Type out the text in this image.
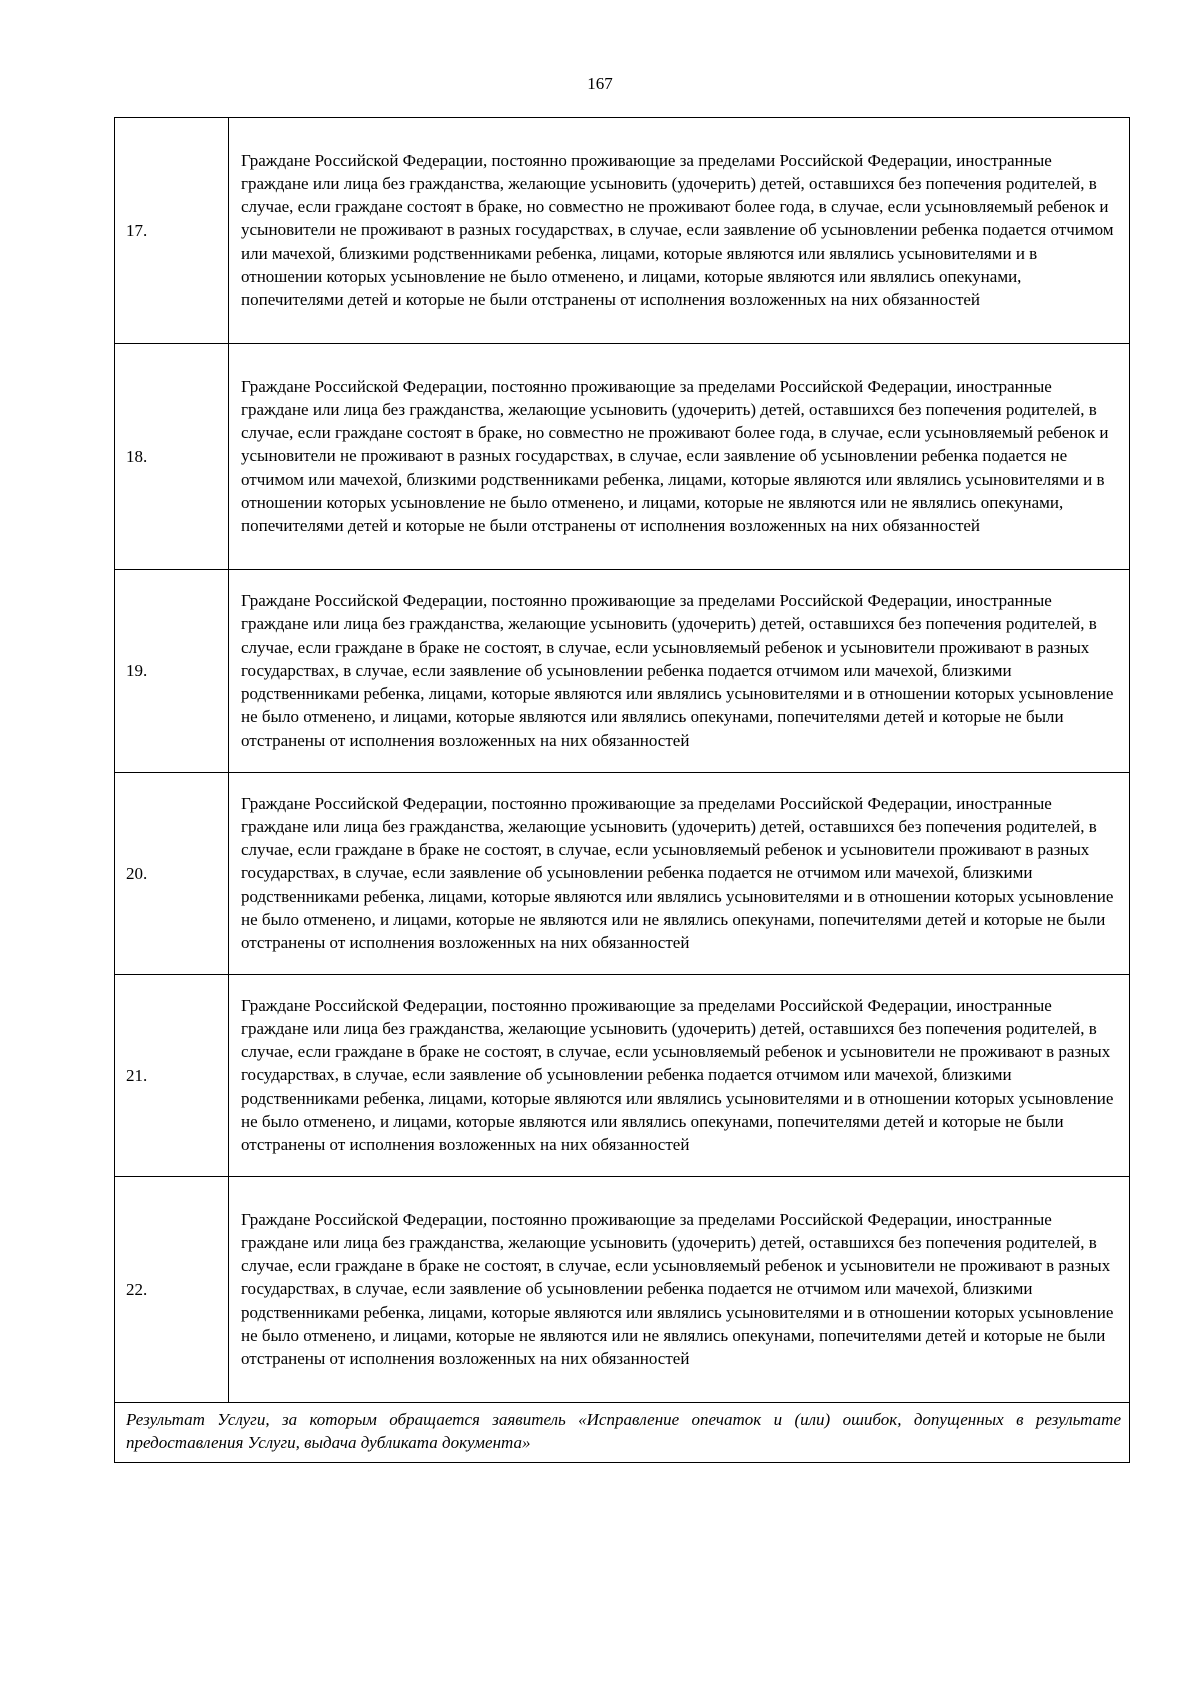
167
17.	Граждане Российской Федерации, постоянно проживающие за пределами Российской Федерации, иностранные граждане или лица без гражданства, желающие усыновить (удочерить) детей, оставшихся без попечения родителей, в случае, если граждане состоят в браке, но совместно не проживают более года, в случае, если усыновляемый ребенок и усыновители не проживают в разных государствах, в случае, если заявление об усыновлении ребенка подается отчимом или мачехой, близкими родственниками ребенка, лицами, которые являются или являлись усыновителями и в отношении которых усыновление не было отменено, и лицами, которые являются или являлись опекунами, попечителями детей и которые не были отстранены от исполнения возложенных на них обязанностей
18.	Граждане Российской Федерации, постоянно проживающие за пределами Российской Федерации, иностранные граждане или лица без гражданства, желающие усыновить (удочерить) детей, оставшихся без попечения родителей, в случае, если граждане состоят в браке, но совместно не проживают более года, в случае, если усыновляемый ребенок и усыновители не проживают в разных государствах, в случае, если заявление об усыновлении ребенка подается не отчимом или мачехой, близкими родственниками ребенка, лицами, которые являются или являлись усыновителями и в отношении которых усыновление не было отменено, и лицами, которые не являются или не являлись опекунами, попечителями детей и которые не были отстранены от исполнения возложенных на них обязанностей
19.	Граждане Российской Федерации, постоянно проживающие за пределами Российской Федерации, иностранные граждане или лица без гражданства, желающие усыновить (удочерить) детей, оставшихся без попечения родителей, в случае, если граждане в браке не состоят, в случае, если усыновляемый ребенок и усыновители проживают в разных государствах, в случае, если заявление об усыновлении ребенка подается отчимом или мачехой, близкими родственниками ребенка, лицами, которые являются или являлись усыновителями и в отношении которых усыновление не было отменено, и лицами, которые являются или являлись опекунами, попечителями детей и которые не были отстранены от исполнения возложенных на них обязанностей
20.	Граждане Российской Федерации, постоянно проживающие за пределами Российской Федерации, иностранные граждане или лица без гражданства, желающие усыновить (удочерить) детей, оставшихся без попечения родителей, в случае, если граждане в браке не состоят, в случае, если усыновляемый ребенок и усыновители проживают в разных государствах, в случае, если заявление об усыновлении ребенка подается не отчимом или мачехой, близкими родственниками ребенка, лицами, которые являются или являлись усыновителями и в отношении которых усыновление не было отменено, и лицами, которые не являются или не являлись опекунами, попечителями детей и которые не были отстранены от исполнения возложенных на них обязанностей
21.	Граждане Российской Федерации, постоянно проживающие за пределами Российской Федерации, иностранные граждане или лица без гражданства, желающие усыновить (удочерить) детей, оставшихся без попечения родителей, в случае, если граждане в браке не состоят, в случае, если усыновляемый ребенок и усыновители не проживают в разных государствах, в случае, если заявление об усыновлении ребенка подается отчимом или мачехой, близкими родственниками ребенка, лицами, которые являются или являлись усыновителями и в отношении которых усыновление не было отменено, и лицами, которые являются или являлись опекунами, попечителями детей и которые не были отстранены от исполнения возложенных на них обязанностей
22.	Граждане Российской Федерации, постоянно проживающие за пределами Российской Федерации, иностранные граждане или лица без гражданства, желающие усыновить (удочерить) детей, оставшихся без попечения родителей, в случае, если граждане в браке не состоят, в случае, если усыновляемый ребенок и усыновители не проживают в разных государствах, в случае, если заявление об усыновлении ребенка подается не отчимом или мачехой, близкими родственниками ребенка, лицами, которые являются или являлись усыновителями и в отношении которых усыновление не было отменено, и лицами, которые не являются или не являлись опекунами, попечителями детей и которые не были отстранены от исполнения возложенных на них обязанностей
Результат Услуги, за которым обращается заявитель «Исправление опечаток и (или) ошибок, допущенных в результате предоставления Услуги, выдача дубликата документа»	
